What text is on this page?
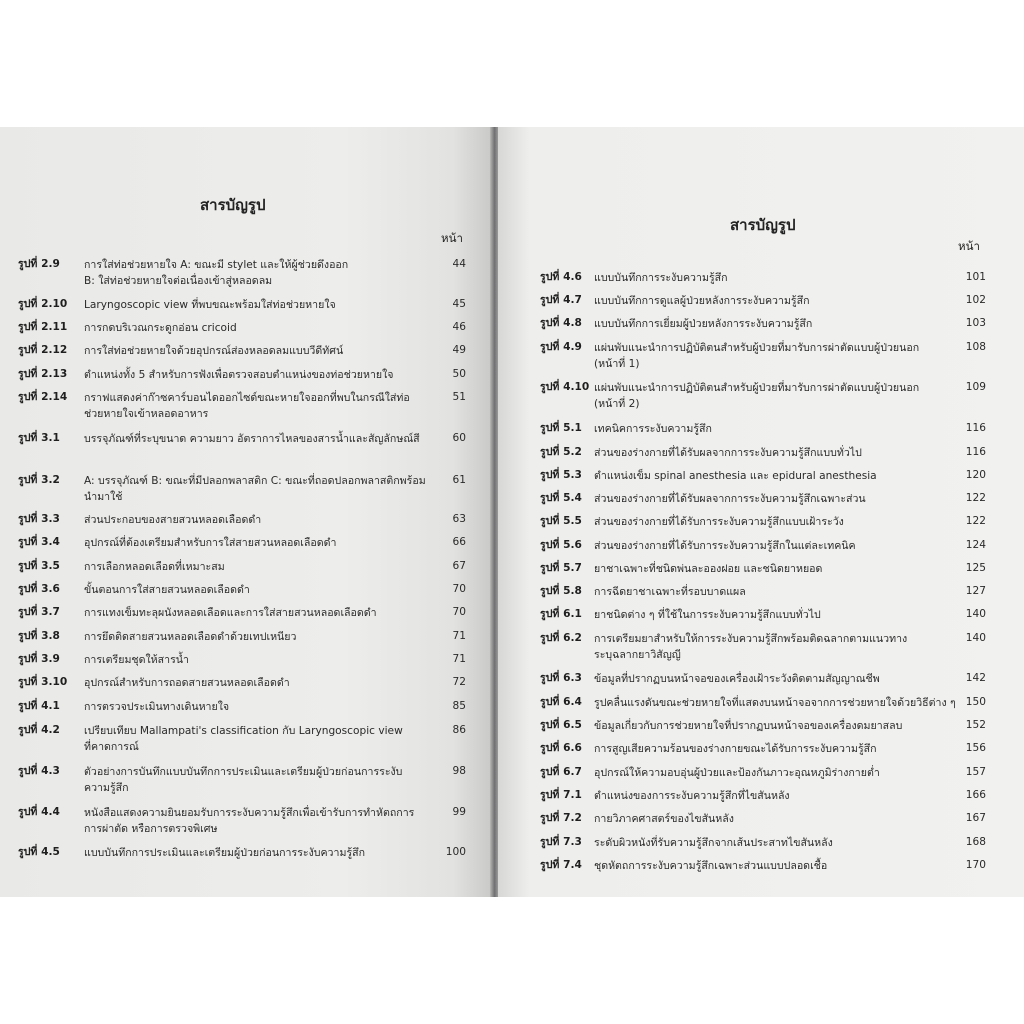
สารบัญรูป
หน้า
รูปที่ 2.9 การใส่ท่อช่วยหายใจ A: ขณะมี stylet และให้ผู้ช่วยดึงออก
B: ใส่ท่อช่วยหายใจต่อเนื่องเข้าสู่หลอดลม
44
รูปที่ 2.10 Laryngoscopic view ที่พบขณะพร้อมใส่ท่อช่วยหายใจ	45
รูปที่ 2.11 การกดบริเวณกระดูกอ่อน cricoid	46
รูปที่ 2.12 การใส่ท่อช่วยหายใจด้วยอุปกรณ์ส่องหลอดลมแบบวีดีทัศน์	49
รูปที่ 2.13 ตำแหน่งทั้ง 5 สำหรับการฟังเพื่อตรวจสอบตำแหน่งของท่อช่วยหายใจ	50
รูปที่ 2.14 กราฟแสดงค่าก๊าซคาร์บอนไดออกไซด์ขณะหายใจออกที่พบในกรณีใส่ท่อ
ช่วยหายใจเข้าหลอดอาหาร
51
รูปที่ 3.1 บรรจุภัณฑ์ที่ระบุขนาด ความยาว อัตราการไหลของสารน้ำและสัญลักษณ์สี	60
รูปที่ 3.2 A: บรรจุภัณฑ์ B: ขณะที่มีปลอกพลาสติก C: ขณะที่ถอดปลอกพลาสติกพร้อม
นำมาใช้
61
รูปที่ 3.3 ส่วนประกอบของสายสวนหลอดเลือดดำ	63
รูปที่ 3.4 อุปกรณ์ที่ต้องเตรียมสำหรับการใส่สายสวนหลอดเลือดดำ	66
รูปที่ 3.5 การเลือกหลอดเลือดที่เหมาะสม	67
รูปที่ 3.6 ขั้นตอนการใส่สายสวนหลอดเลือดดำ	70
รูปที่ 3.7 การแทงเข็มทะลุผนังหลอดเลือดและการใส่สายสวนหลอดเลือดดำ	70
รูปที่ 3.8 การยึดติดสายสวนหลอดเลือดดำด้วยเทปเหนียว	71
รูปที่ 3.9 การเตรียมชุดให้สารน้ำ	71
รูปที่ 3.10 อุปกรณ์สำหรับการถอดสายสวนหลอดเลือดดำ	72
รูปที่ 4.1 การตรวจประเมินทางเดินหายใจ	85
รูปที่ 4.2 เปรียบเทียบ Mallampati's classification กับ Laryngoscopic view
ที่คาดการณ์
86
รูปที่ 4.3 ตัวอย่างการบันทึกแบบบันทึกการประเมินและเตรียมผู้ป่วยก่อนการระงับ
ความรู้สึก
98
รูปที่ 4.4 หนังสือแสดงความยินยอมรับการระงับความรู้สึกเพื่อเข้ารับการทำหัตถการ
การผ่าตัด หรือการตรวจพิเศษ
99
รูปที่ 4.5 แบบบันทึกการประเมินและเตรียมผู้ป่วยก่อนการระงับความรู้สึก	100
สารบัญรูป
หน้า
รูปที่ 4.6 แบบบันทึกการระงับความรู้สึก	101
รูปที่ 4.7 แบบบันทึกการดูแลผู้ป่วยหลังการระงับความรู้สึก	102
รูปที่ 4.8 แบบบันทึกการเยี่ยมผู้ป่วยหลังการระงับความรู้สึก	103
รูปที่ 4.9 แผ่นพับแนะนำการปฏิบัติตนสำหรับผู้ป่วยที่มารับการผ่าตัดแบบผู้ป่วยนอก
(หน้าที่ 1)
108
รูปที่ 4.10 แผ่นพับแนะนำการปฏิบัติตนสำหรับผู้ป่วยที่มารับการผ่าตัดแบบผู้ป่วยนอก
(หน้าที่ 2)
109
รูปที่ 5.1 เทคนิคการระงับความรู้สึก	116
รูปที่ 5.2 ส่วนของร่างกายที่ได้รับผลจากการระงับความรู้สึกแบบทั่วไป	116
รูปที่ 5.3 ตำแหน่งเข็ม spinal anesthesia และ epidural anesthesia	120
รูปที่ 5.4 ส่วนของร่างกายที่ได้รับผลจากการระงับความรู้สึกเฉพาะส่วน	122
รูปที่ 5.5 ส่วนของร่างกายที่ได้รับการระงับความรู้สึกแบบเฝ้าระวัง	122
รูปที่ 5.6 ส่วนของร่างกายที่ได้รับการระงับความรู้สึกในแต่ละเทคนิค	124
รูปที่ 5.7 ยาชาเฉพาะที่ชนิดพ่นละอองฝอย และชนิดยาหยอด	125
รูปที่ 5.8 การฉีดยาชาเฉพาะที่รอบบาดแผล	127
รูปที่ 6.1 ยาชนิดต่าง ๆ ที่ใช้ในการระงับความรู้สึกแบบทั่วไป	140
รูปที่ 6.2 การเตรียมยาสำหรับให้การระงับความรู้สึกพร้อมติดฉลากตามแนวทาง
ระบุฉลากยาวิสัญญี
140
รูปที่ 6.3 ข้อมูลที่ปรากฏบนหน้าจอของเครื่องเฝ้าระวังติดตามสัญญาณชีพ	142
รูปที่ 6.4 รูปคลื่นแรงดันขณะช่วยหายใจที่แสดงบนหน้าจอจากการช่วยหายใจด้วยวิธีต่าง ๆ 150
รูปที่ 6.5 ข้อมูลเกี่ยวกับการช่วยหายใจที่ปรากฏบนหน้าจอของเครื่องดมยาสลบ	152
รูปที่ 6.6 การสูญเสียความร้อนของร่างกายขณะได้รับการระงับความรู้สึก	156
รูปที่ 6.7 อุปกรณ์ให้ความอบอุ่นผู้ป่วยและป้องกันภาวะอุณหภูมิร่างกายต่ำ	157
รูปที่ 7.1 ตำแหน่งของการระงับความรู้สึกที่ไขสันหลัง	166
รูปที่ 7.2 กายวิภาคศาสตร์ของไขสันหลัง	167
รูปที่ 7.3 ระดับผิวหนังที่รับความรู้สึกจากเส้นประสาทไขสันหลัง	168
รูปที่ 7.4 ชุดหัตถการระงับความรู้สึกเฉพาะส่วนแบบปลอดเชื้อ	170
